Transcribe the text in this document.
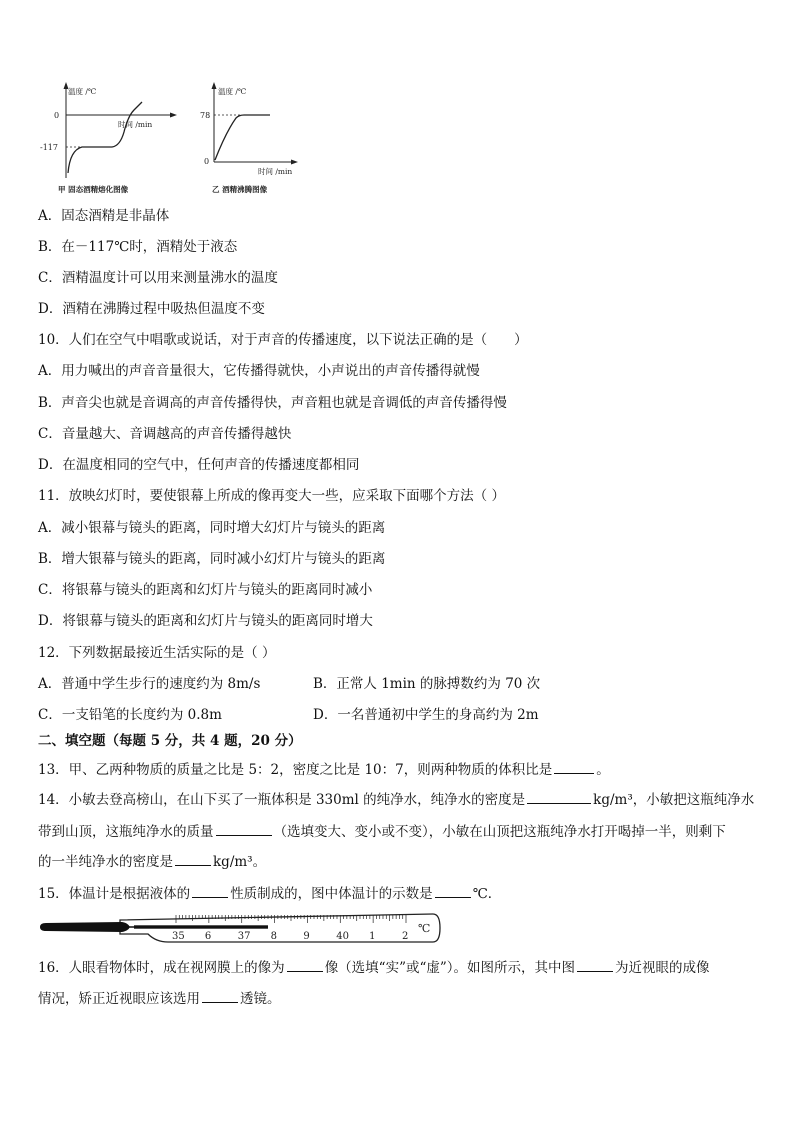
温度 /℃
时间 /min
0
-117
甲 固态酒精熔化图像
温度 /℃
78
0
时间 /min
乙 酒精沸腾图像
A．固态酒精是非晶体
B．在－117℃时，酒精处于液态
C．酒精温度计可以用来测量沸水的温度
D．酒精在沸腾过程中吸热但温度不变
10．人们在空气中唱歌或说话，对于声音的传播速度，以下说法正确的是（　　）
A．用力喊出的声音音量很大，它传播得就快，小声说出的声音传播得就慢
B．声音尖也就是音调高的声音传播得快，声音粗也就是音调低的声音传播得慢
C．音量越大、音调越高的声音传播得越快
D．在温度相同的空气中，任何声音的传播速度都相同
11．放映幻灯时，要使银幕上所成的像再变大一些，应采取下面哪个方法（ ）
A．减小银幕与镜头的距离，同时增大幻灯片与镜头的距离
B．增大银幕与镜头的距离，同时减小幻灯片与镜头的距离
C．将银幕与镜头的距离和幻灯片与镜头的距离同时减小
D．将银幕与镜头的距离和幻灯片与镜头的距离同时增大
12．下列数据最接近生活实际的是（ ）
A．普通中学生步行的速度约为 8m/s	B．正常人 1min 的脉搏数约为 70 次
C．一支铅笔的长度约为 0.8m	D．一名普通初中学生的身高约为 2m
二、填空题（每题 5 分，共 4 题，20 分）
13．甲、乙两种物质的质量之比是 5：2，密度之比是 10：7，则两种物质的体积比是	。
14．小敏去登高榜山，在山下买了一瓶体积是 330ml 的纯净水，纯净水的密度是	kg/m³，小敏把这瓶纯净水
带到山顶，这瓶纯净水的质量	（选填变大、变小或不变），小敏在山顶把这瓶纯净水打开喝掉一半，则剩下
的一半纯净水的密度是	kg/m³。
15．体温计是根据液体的	性质制成的，图中体温计的示数是	℃．
35 6	37 8	9	40 1	2
℃
16．人眼看物体时，成在视网膜上的像为	像（选填“实”或“虚”）。如图所示，其中图	为近视眼的成像
情况，矫正近视眼应该选用	透镜。
